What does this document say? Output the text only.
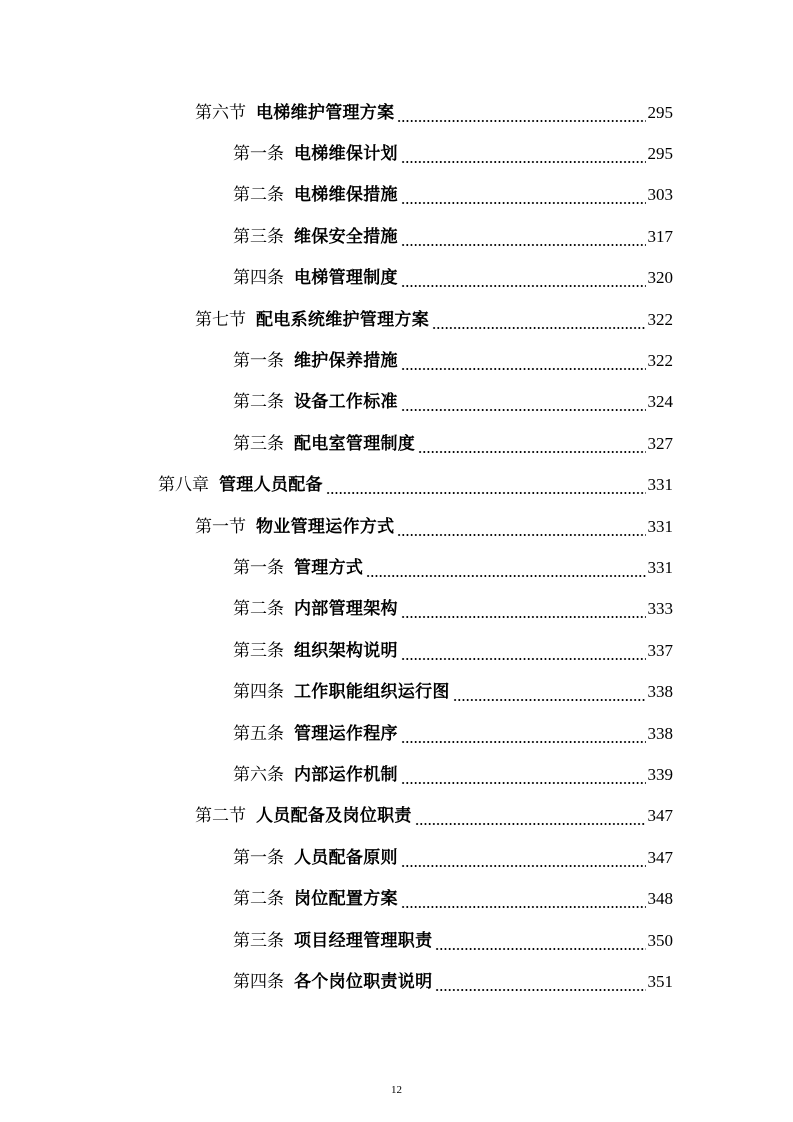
第六节 电梯维护管理方案	295
第一条 电梯维保计划	295
第二条 电梯维保措施	303
第三条 维保安全措施	317
第四条 电梯管理制度	320
第七节 配电系统维护管理方案	322
第一条 维护保养措施	322
第二条 设备工作标准	324
第三条 配电室管理制度	327
第八章 管理人员配备	331
第一节 物业管理运作方式	331
第一条 管理方式	331
第二条 内部管理架构	333
第三条 组织架构说明	337
第四条 工作职能组织运行图	338
第五条 管理运作程序	338
第六条 内部运作机制	339
第二节 人员配备及岗位职责	347
第一条 人员配备原则	347
第二条 岗位配置方案	348
第三条 项目经理管理职责	350
第四条 各个岗位职责说明	351
12
